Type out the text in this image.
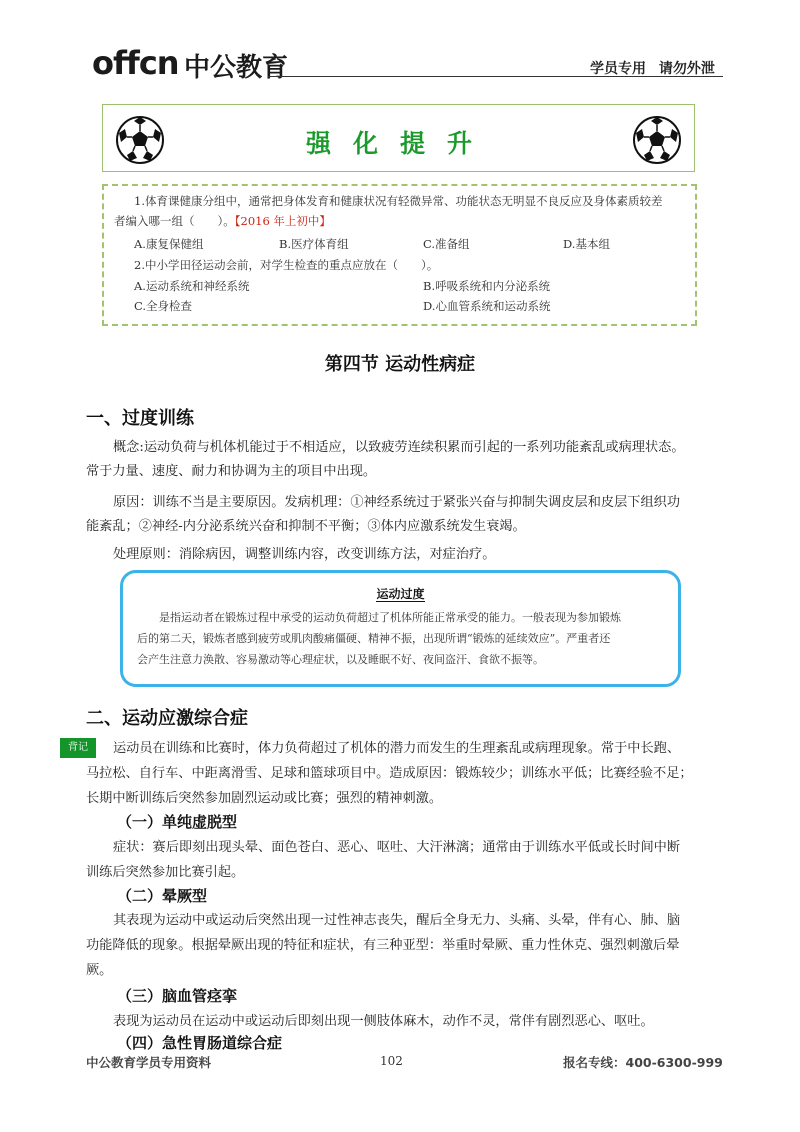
offcn 中公教育	学员专用 请勿外泄
强化提升
1.体育课健康分组中，通常把身体发育和健康状况有轻微异常、功能状态无明显不良反应及身体素质较差
者编入哪一组（　　）。【2016 年上初中】
A.康复保健组	B.医疗体育组	C.准备组	D.基本组
2.中小学田径运动会前，对学生检查的重点应放在（　　）。
A.运动系统和神经系统	B.呼吸系统和内分泌系统
C.全身检查	D.心血管系统和运动系统
第四节 运动性病症
一、过度训练
概念:运动负荷与机体机能过于不相适应，以致疲劳连续积累而引起的一系列功能紊乱或病理状态。
常于力量、速度、耐力和协调为主的项目中出现。
原因：训练不当是主要原因。发病机理：①神经系统过于紧张兴奋与抑制失调皮层和皮层下组织功
能紊乱；②神经-内分泌系统兴奋和抑制不平衡；③体内应激系统发生衰竭。
处理原则：消除病因，调整训练内容，改变训练方法，对症治疗。
运动过度
是指运动者在锻炼过程中承受的运动负荷超过了机体所能正常承受的能力。一般表现为参加锻炼
后的第二天，锻炼者感到疲劳或肌肉酸痛僵硬、精神不振，出现所谓“锻炼的延续效应”。严重者还
会产生注意力涣散、容易激动等心理症状，以及睡眠不好、夜间盗汗、食欲不振等。
二、运动应激综合症
背记	运动员在训练和比赛时，体力负荷超过了机体的潜力而发生的生理紊乱或病理现象。常于中长跑、
马拉松、自行车、中距离滑雪、足球和篮球项目中。造成原因：锻炼较少；训练水平低；比赛经验不足；
长期中断训练后突然参加剧烈运动或比赛；强烈的精神刺激。
（一）单纯虚脱型
症状：赛后即刻出现头晕、面色苍白、恶心、呕吐、大汗淋漓；通常由于训练水平低或长时间中断
训练后突然参加比赛引起。
（二）晕厥型
其表现为运动中或运动后突然出现一过性神志丧失，醒后全身无力、头痛、头晕，伴有心、肺、脑
功能降低的现象。根据晕厥出现的特征和症状，有三种亚型：举重时晕厥、重力性休克、强烈刺激后晕
厥。
（三）脑血管痉挛
表现为运动员在运动中或运动后即刻出现一侧肢体麻木，动作不灵，常伴有剧烈恶心、呕吐。
（四）急性胃肠道综合症
中公教育学员专用资料	102	报名专线：400-6300-999
